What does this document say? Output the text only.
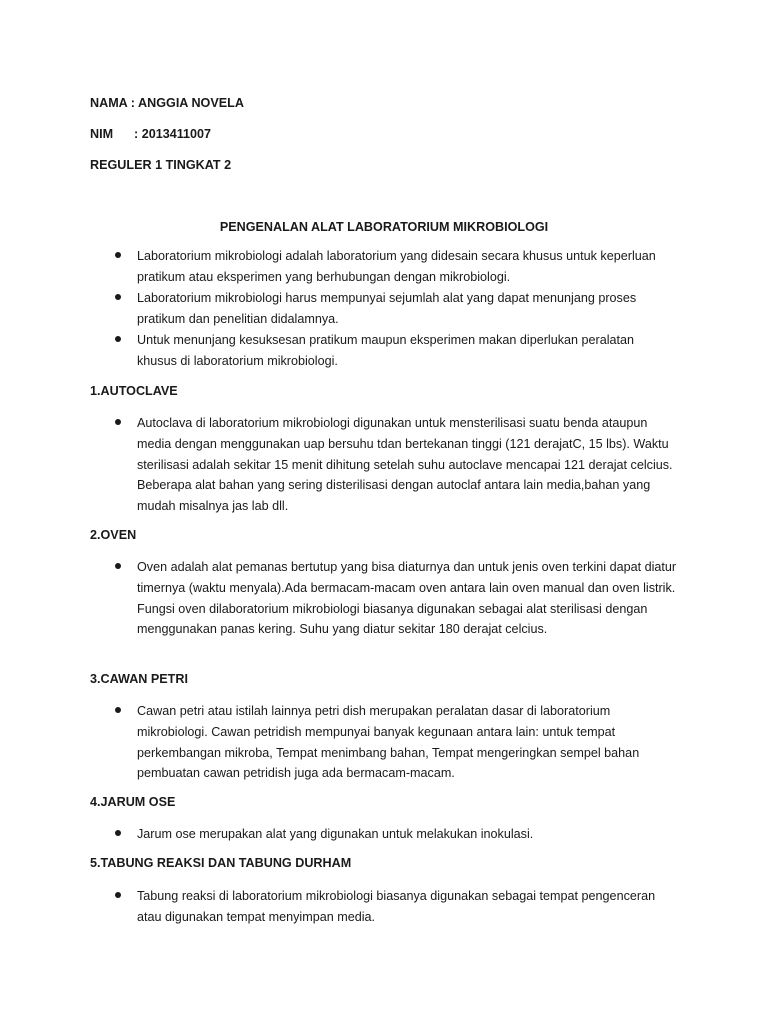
NAMA : ANGGIA NOVELA
NIM : 2013411007
REGULER 1 TINGKAT 2
PENGENALAN ALAT LABORATORIUM MIKROBIOLOGI
Laboratorium mikrobiologi adalah laboratorium yang didesain secara khusus untuk keperluan pratikum atau eksperimen yang berhubungan dengan mikrobiologi.
Laboratorium mikrobiologi harus mempunyai sejumlah alat yang dapat menunjang proses pratikum dan penelitian didalamnya.
Untuk menunjang kesuksesan pratikum maupun eksperimen makan diperlukan peralatan khusus di laboratorium mikrobiologi.
1.AUTOCLAVE
Autoclava di laboratorium mikrobiologi digunakan untuk mensterilisasi suatu benda ataupun media dengan menggunakan uap bersuhu tdan bertekanan tinggi (121 derajatC, 15 lbs). Waktu sterilisasi adalah sekitar 15 menit dihitung setelah suhu autoclave mencapai 121 derajat celcius. Beberapa alat bahan yang sering disterilisasi dengan autoclaf antara lain media,bahan yang mudah misalnya jas lab dll.
2.OVEN
Oven adalah alat pemanas bertutup yang bisa diaturnya dan untuk jenis oven terkini dapat diatur timernya (waktu menyala).Ada bermacam-macam oven antara lain oven manual dan oven listrik. Fungsi oven dilaboratorium mikrobiologi biasanya digunakan sebagai alat sterilisasi dengan menggunakan panas kering. Suhu yang diatur sekitar 180 derajat celcius.
3.CAWAN PETRI
Cawan petri atau istilah lainnya petri dish merupakan peralatan dasar di laboratorium mikrobiologi. Cawan petridish mempunyai banyak kegunaan antara lain: untuk tempat perkembangan mikroba, Tempat menimbang bahan, Tempat mengeringkan sempel bahan pembuatan cawan petridish juga ada bermacam-macam.
4.JARUM OSE
Jarum ose merupakan alat yang digunakan untuk melakukan inokulasi.
5.TABUNG REAKSI DAN TABUNG DURHAM
Tabung reaksi di laboratorium mikrobiologi biasanya digunakan sebagai tempat pengenceran atau digunakan tempat menyimpan media.
